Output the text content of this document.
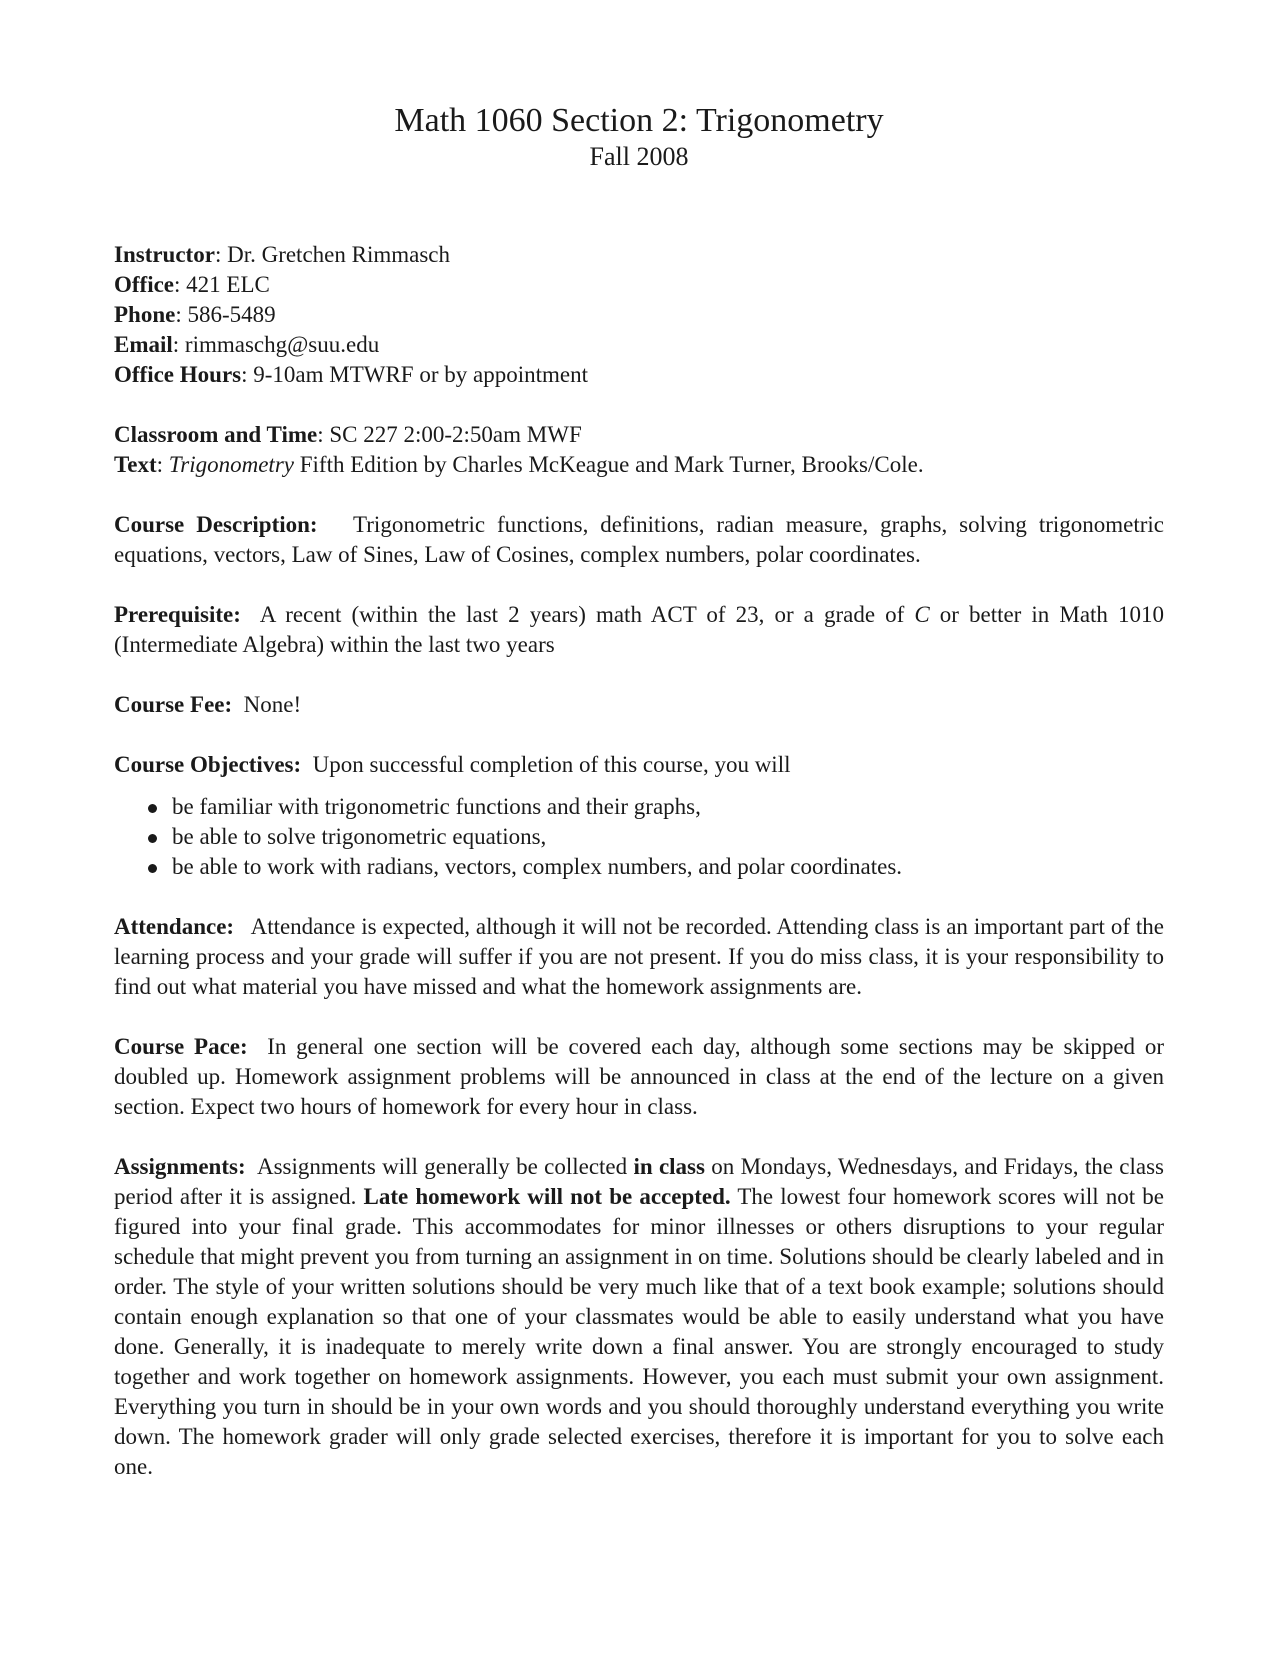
Math 1060 Section 2: Trigonometry

Fall 2008

Instructor: Dr. Gretchen Rimmasch

Office: 421 ELC

Phone: 586-5489

Email: rimmaschg@suu.edu

Office Hours: 9-10am MTWRF or by appointment

Classroom and Time: SC 227 2:00-2:50am MWF

Text: Trigonometry Fifth Edition by Charles McKeague and Mark Turner, Brooks/Cole.

Course Description: Trigonometric functions, definitions, radian measure, graphs, solving trigonometric equations, vectors, Law of Sines, Law of Cosines, complex numbers, polar coordinates.

Prerequisite: A recent (within the last 2 years) math ACT of 23, or a grade of C or better in Math 1010 (Intermediate Algebra) within the last two years

Course Fee: None!

Course Objectives: Upon successful completion of this course, you will

be familiar with trigonometric functions and their graphs,
be able to solve trigonometric equations,
be able to work with radians, vectors, complex numbers, and polar coordinates.

Attendance: Attendance is expected, although it will not be recorded. Attending class is an important part of the learning process and your grade will suffer if you are not present. If you do miss class, it is your responsibility to find out what material you have missed and what the homework assignments are.

Course Pace: In general one section will be covered each day, although some sections may be skipped or doubled up. Homework assignment problems will be announced in class at the end of the lecture on a given section. Expect two hours of homework for every hour in class.

Assignments: Assignments will generally be collected in class on Mondays, Wednesdays, and Fridays, the class period after it is assigned. Late homework will not be accepted. The lowest four homework scores will not be figured into your final grade. This accommodates for minor illnesses or others disruptions to your regular schedule that might prevent you from turning an assignment in on time. Solutions should be clearly labeled and in order. The style of your written solutions should be very much like that of a text book example; solutions should contain enough explanation so that one of your classmates would be able to easily understand what you have done. Generally, it is inadequate to merely write down a final answer. You are strongly encouraged to study together and work together on homework assignments. However, you each must submit your own assignment. Everything you turn in should be in your own words and you should thoroughly understand everything you write down. The homework grader will only grade selected exercises, therefore it is important for you to solve each one.
